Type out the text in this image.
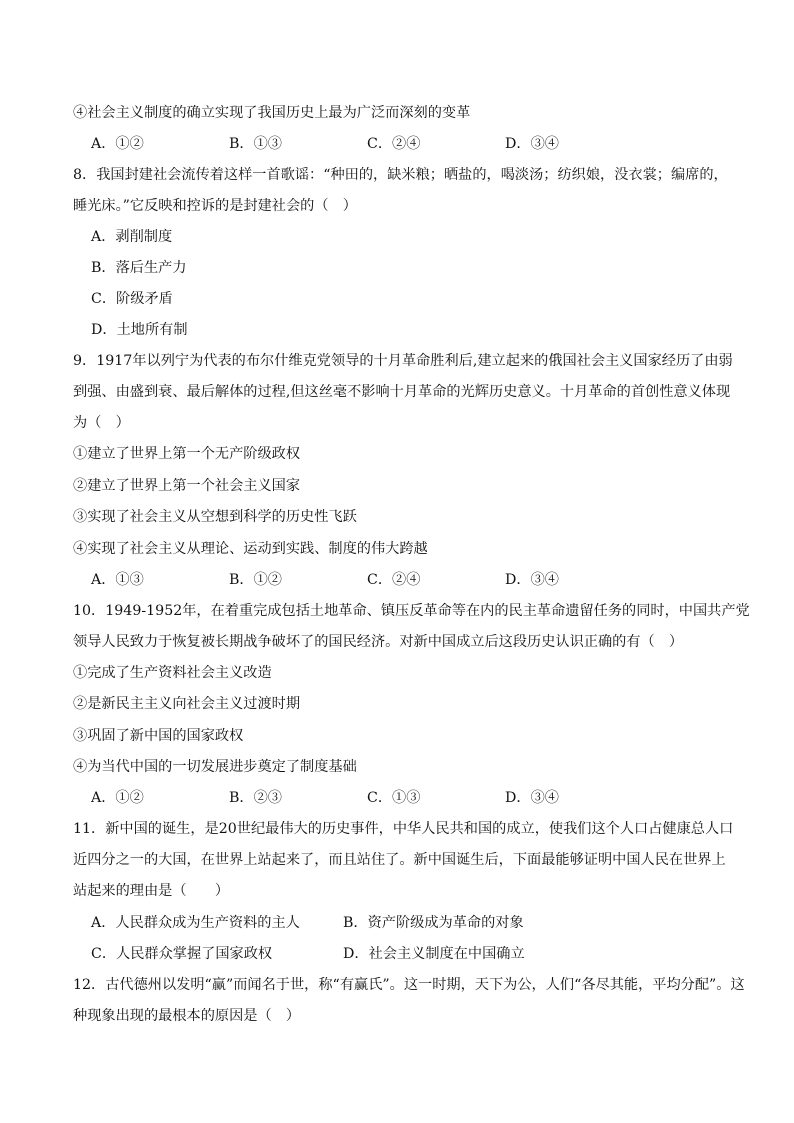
④社会主义制度的确立实现了我国历史上最为广泛而深刻的变革
A．①②	B．①③	C．②④	D．③④
8．我国封建社会流传着这样一首歌谣：“种田的，缺米粮；晒盐的，喝淡汤；纺织娘，没衣裳；编席的，
睡光床。”它反映和控诉的是封建社会的（　）
A．剥削制度
B．落后生产力
C．阶级矛盾
D．土地所有制
9．1917年以列宁为代表的布尔什维克党领导的十月革命胜利后,建立起来的俄国社会主义国家经历了由弱
到强、由盛到衰、最后解体的过程,但这丝毫不影响十月革命的光辉历史意义。十月革命的首创性意义体现
为（　）
①建立了世界上第一个无产阶级政权
②建立了世界上第一个社会主义国家
③实现了社会主义从空想到科学的历史性飞跃
④实现了社会主义从理论、运动到实践、制度的伟大跨越
A．①③	B．①②	C．②④	D．③④
10．1949-1952年，在着重完成包括土地革命、镇压反革命等在内的民主革命遗留任务的同时，中国共产党
领导人民致力于恢复被长期战争破坏了的国民经济。对新中国成立后这段历史认识正确的有（　）
①完成了生产资料社会主义改造
②是新民主主义向社会主义过渡时期
③巩固了新中国的国家政权
④为当代中国的一切发展进步奠定了制度基础
A．①②	B．②③	C．①③	D．③④
11．新中国的诞生，是20世纪最伟大的历史事件，中华人民共和国的成立，使我们这个人口占健康总人口
近四分之一的大国，在世界上站起来了，而且站住了。新中国诞生后，下面最能够证明中国人民在世界上
站起来的理由是（　　）
A．人民群众成为生产资料的主人	B．资产阶级成为革命的对象
C．人民群众掌握了国家政权	D．社会主义制度在中国确立
12．古代德州以发明“赢”而闻名于世，称“有赢氏”。这一时期，天下为公，人们“各尽其能，平均分配”。这
种现象出现的最根本的原因是（　）
